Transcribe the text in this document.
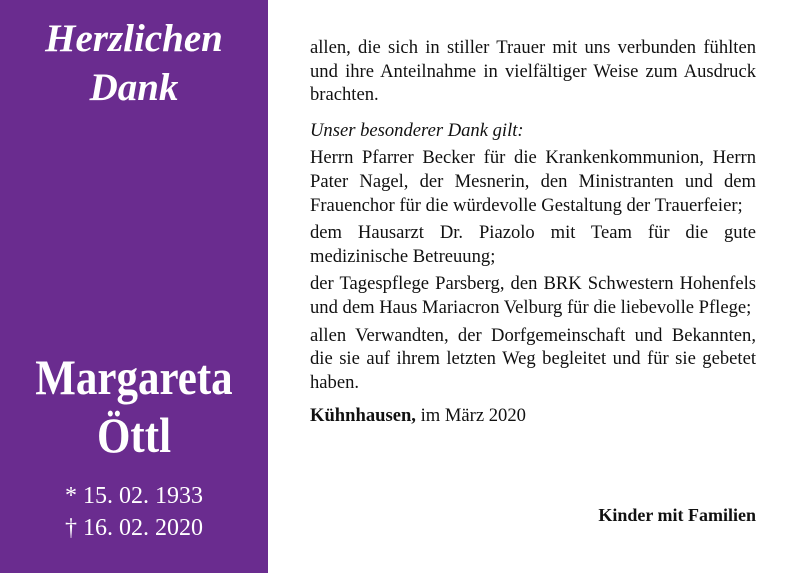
Herzlichen
Dank
Margareta
Öttl
* 15. 02. 1933
† 16. 02. 2020

allen, die sich in stiller Trauer mit uns verbunden fühlten und ihre Anteilnahme in vielfältiger Weise zum Ausdruck brachten.

Unser besonderer Dank gilt:

Herrn Pfarrer Becker für die Krankenkommunion, Herrn Pater Nagel, der Mesnerin, den Ministranten und dem Frauenchor für die würdevolle Gestaltung der Trauerfeier;

dem Hausarzt Dr. Piazolo mit Team für die gute medizinische Betreuung;

der Tagespflege Parsberg, den BRK Schwestern Hohenfels und dem Haus Mariacron Velburg für die liebevolle Pflege;

allen Verwandten, der Dorfgemeinschaft und Bekannten, die sie auf ihrem letzten Weg begleitet und für sie gebetet haben.

Kühnhausen, im März 2020

Kinder mit Familien
